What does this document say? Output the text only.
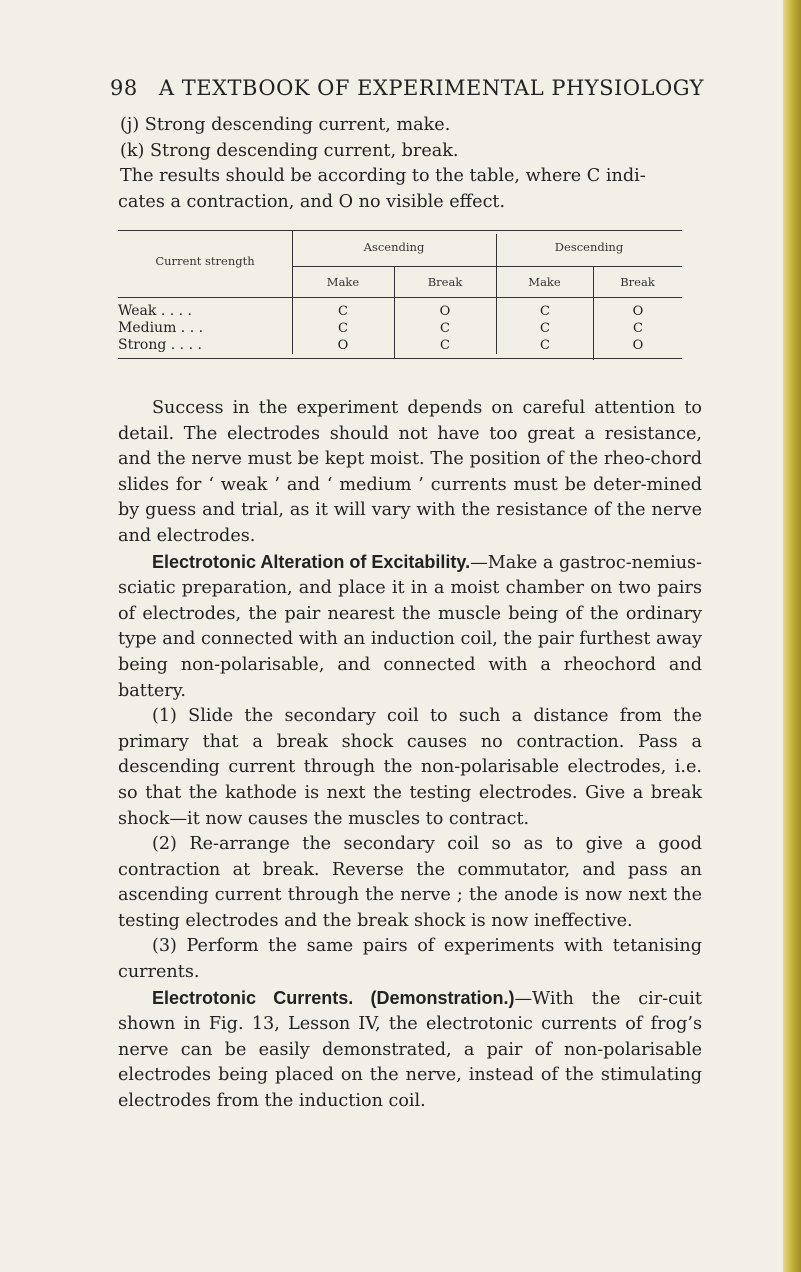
98 A TEXTBOOK OF EXPERIMENTAL PHYSIOLOGY

(j) Strong descending current, make.

(k) Strong descending current, break.

The results should be according to the table, where C indi-

cates a contraction, and O no visible effect.

Current strength
Ascending	Descending
Make	Break	Make	Break
Weak . . . .	C	O	C	O
Medium . . .	C	C	C	C
Strong . . . .	O	C	C	O

Success in the experiment depends on careful attention to detail. The electrodes should not have too great a resistance, and the nerve must be kept moist. The position of the rheo-chord slides for ‘ weak ’ and ‘ medium ’ currents must be deter-mined by guess and trial, as it will vary with the resistance of the nerve and electrodes.

Electrotonic Alteration of Excitability.—Make a gastroc-nemius-sciatic preparation, and place it in a moist chamber on two pairs of electrodes, the pair nearest the muscle being of the ordinary type and connected with an induction coil, the pair furthest away being non-polarisable, and connected with a rheochord and battery.

(1) Slide the secondary coil to such a distance from the primary that a break shock causes no contraction. Pass a descending current through the non-polarisable electrodes, i.e. so that the kathode is next the testing electrodes. Give a break shock—it now causes the muscles to contract.

(2) Re-arrange the secondary coil so as to give a good contraction at break. Reverse the commutator, and pass an ascending current through the nerve ; the anode is now next the testing electrodes and the break shock is now ineffective.

(3) Perform the same pairs of experiments with tetanising currents.

Electrotonic Currents. (Demonstration.)—With the cir-cuit shown in Fig. 13, Lesson IV, the electrotonic currents of frog’s nerve can be easily demonstrated, a pair of non-polarisable electrodes being placed on the nerve, instead of the stimulating electrodes from the induction coil.
